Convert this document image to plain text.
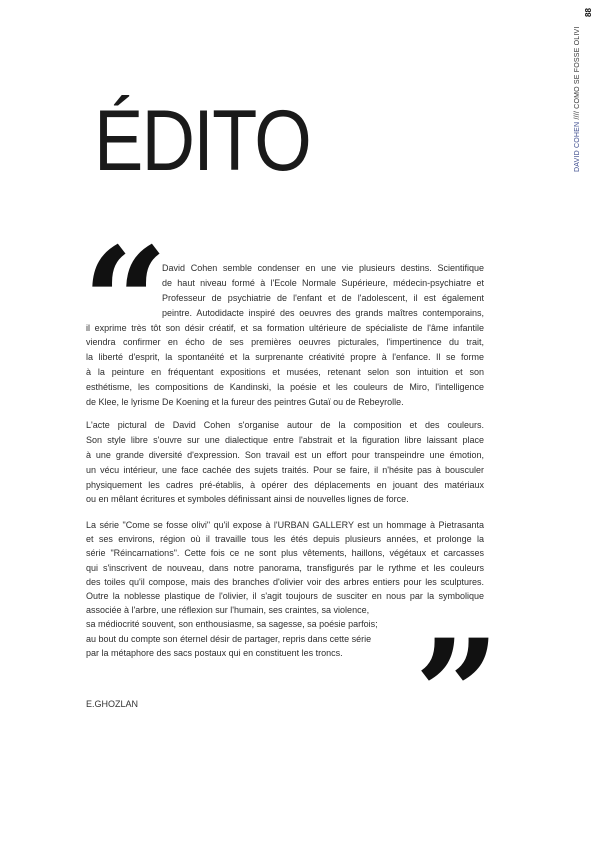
DAVID COHEN //// COMO SE FOSSE OLIVI
88
ÉDITO
“
”
David Cohen semble condenser en une vie plusieurs destins. Scientifique
de haut niveau formé à l'Ecole Normale Supérieure, médecin-psychiatre et
Professeur de psychiatrie de l'enfant et de l'adolescent, il est également
peintre. Autodidacte inspiré des oeuvres des grands maîtres contemporains,
il exprime très tôt son désir créatif, et sa formation ultérieure de spécialiste de l'âme infantile
viendra confirmer en écho de ses premières oeuvres picturales, l'impertinence du trait,
la liberté d'esprit, la spontanéité et la surprenante créativité propre à l'enfance. Il se forme
à la peinture en fréquentant expositions et musées, retenant selon son intuition et son
esthétisme, les compositions de Kandinski, la poésie et les couleurs de Miro, l'intelligence
de Klee, le lyrisme De Koening et la fureur des peintres Gutaï ou de Rebeyrolle.
L'acte pictural de David Cohen s'organise autour de la composition et des couleurs.
Son style libre s'ouvre sur une dialectique entre l'abstrait et la figuration libre laissant place
à une grande diversité d'expression. Son travail est un effort pour transpeindre une émotion,
un vécu intérieur, une face cachée des sujets traités. Pour se faire, il n'hésite pas à bousculer
physiquement les cadres pré-établis, à opérer des déplacements en jouant des matériaux
ou en mêlant écritures et symboles définissant ainsi de nouvelles lignes de force.
La série "Come se fosse olivi" qu'il expose à l'URBAN GALLERY est un hommage à Pietrasanta
et ses environs, région où il travaille tous les étés depuis plusieurs années, et prolonge la
série "Réincarnations". Cette fois ce ne sont plus vêtements, haillons, végétaux et carcasses
qui s'inscrivent de nouveau, dans notre panorama, transfigurés par le rythme et les couleurs
des toiles qu'il compose, mais des branches d'olivier voir des arbres entiers pour les sculptures.
Outre la noblesse plastique de l'olivier, il s'agit toujours de susciter en nous par la symbolique
associée à l'arbre, une réflexion sur l'humain, ses craintes, sa violence,
sa médiocrité souvent, son enthousiasme, sa sagesse, sa poésie parfois;
au bout du compte son éternel désir de partager, repris dans cette série
par la métaphore des sacs postaux qui en constituent les troncs.
E.GHOZLAN
